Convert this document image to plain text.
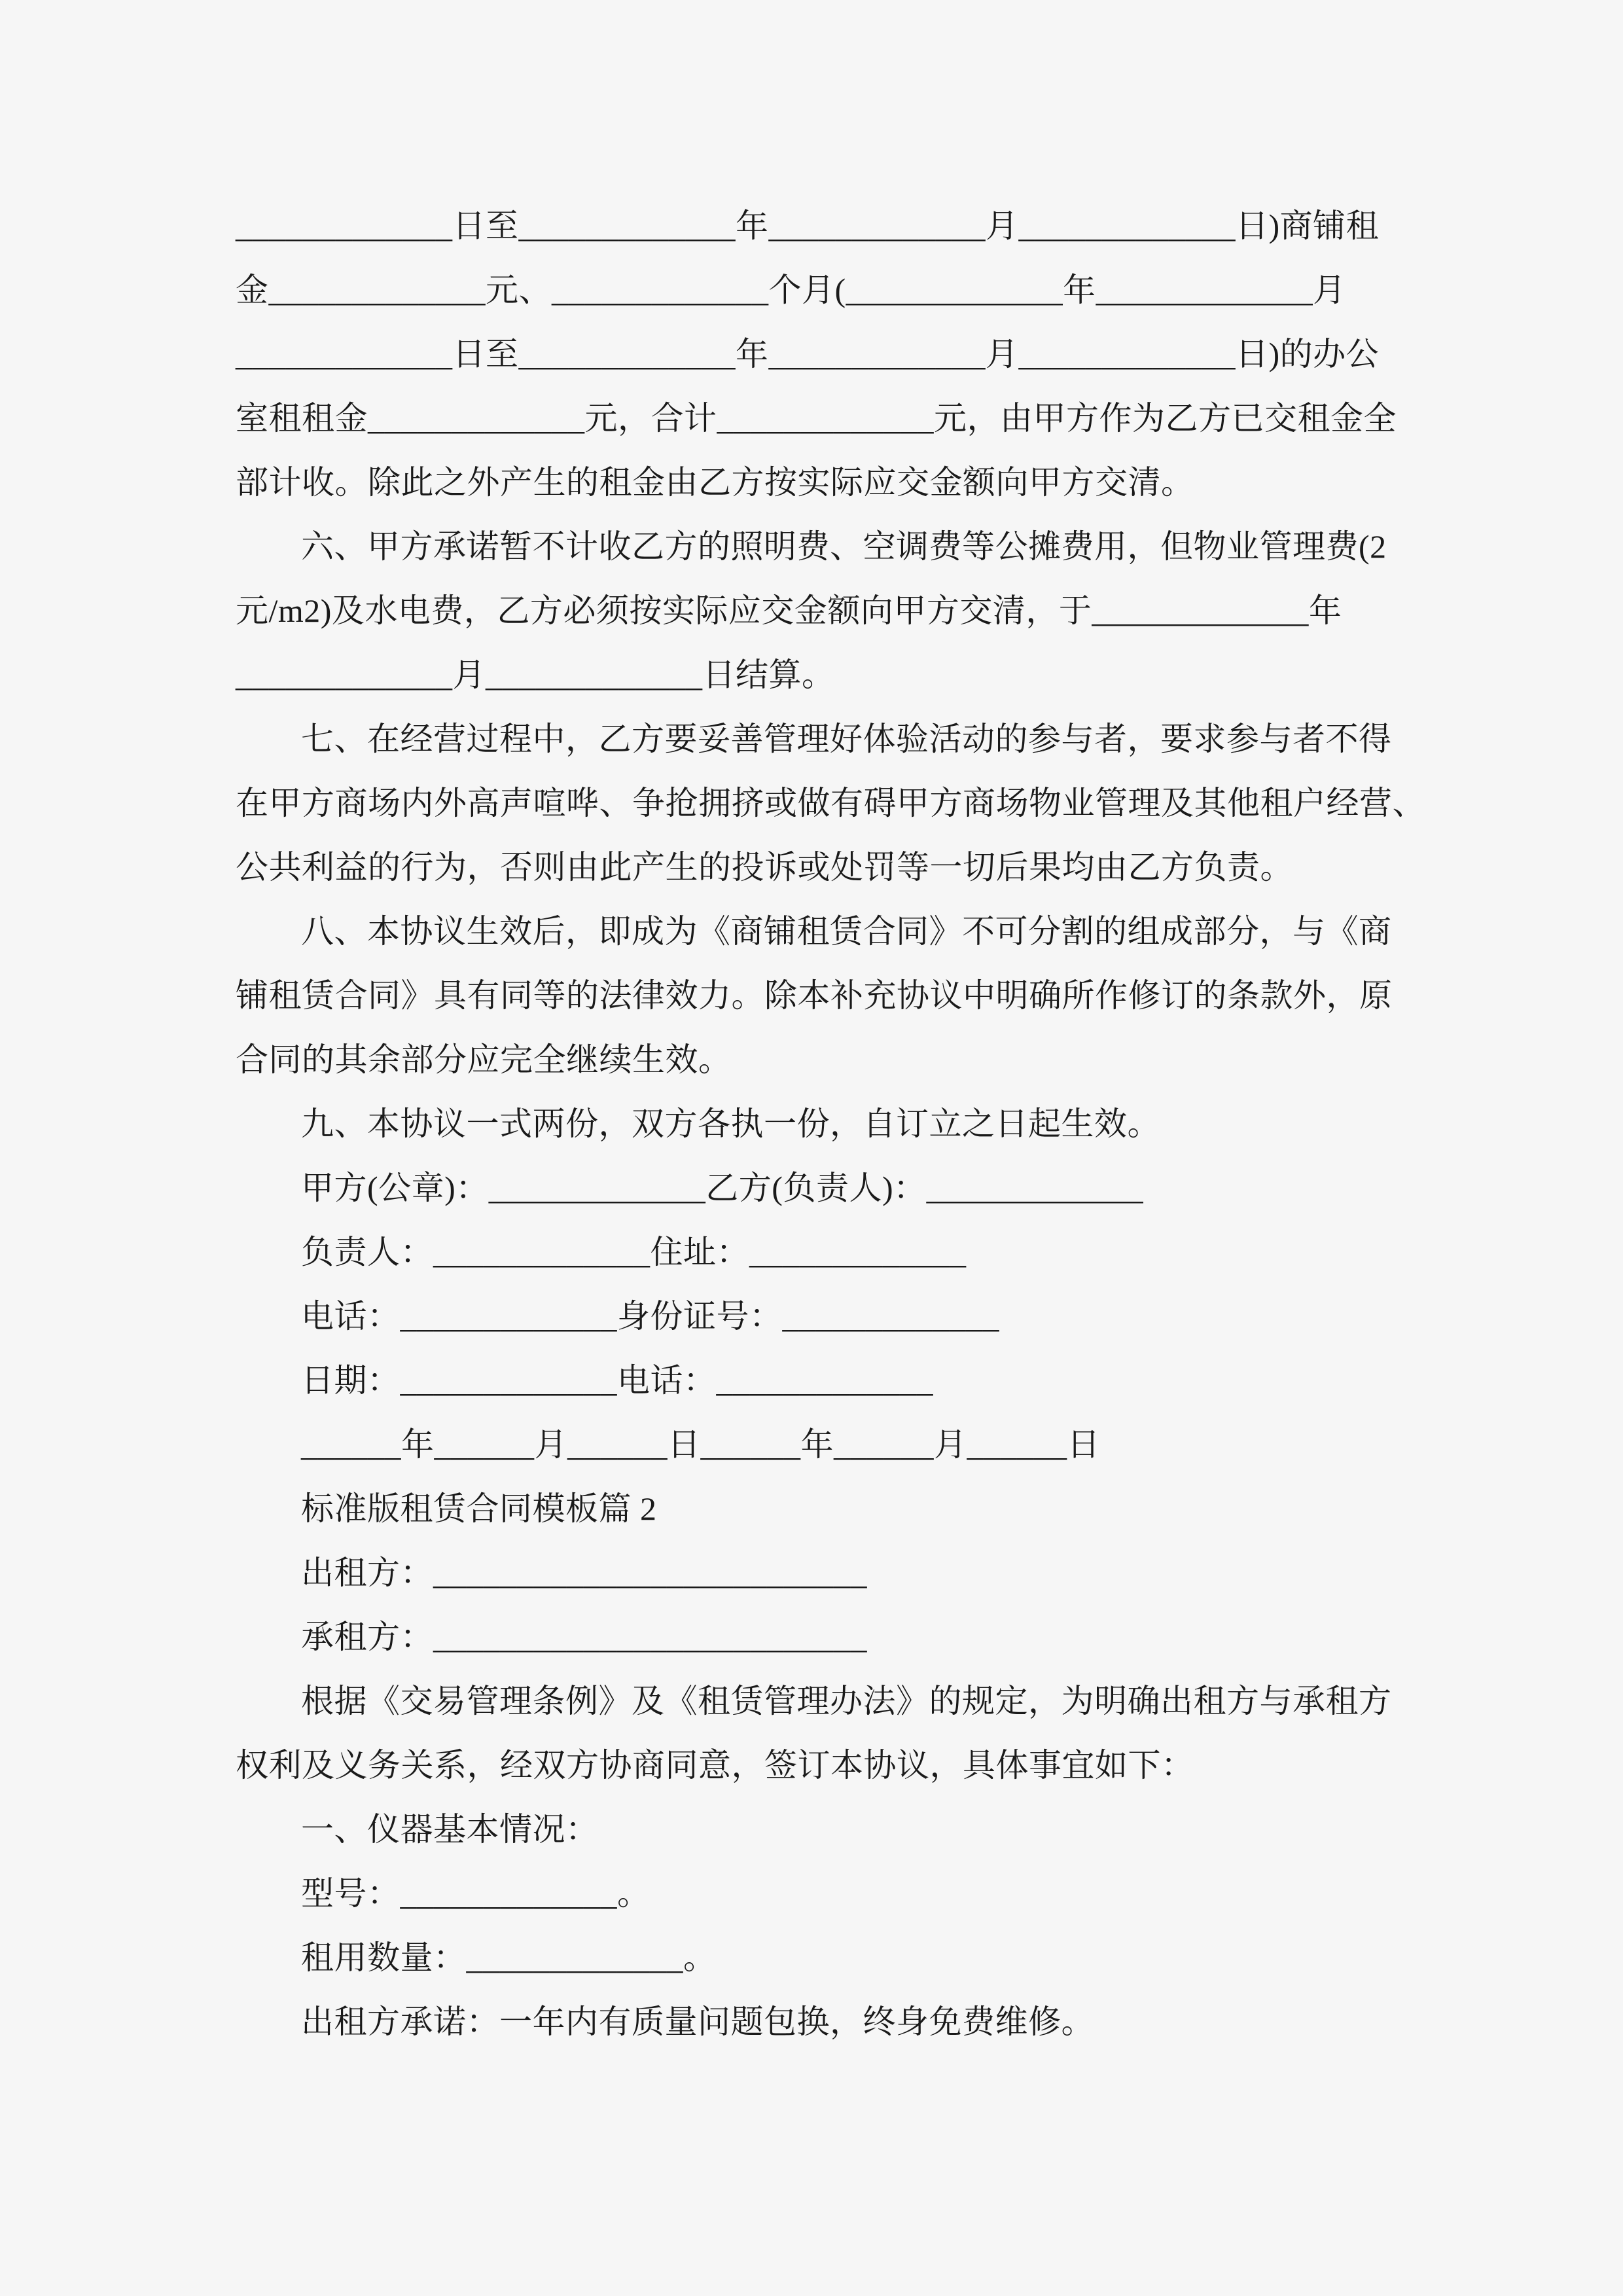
_____________日至_____________年_____________月_____________日)商铺租

金_____________元、_____________个月(_____________年_____________月

_____________日至_____________年_____________月_____________日)的办公

室租租金_____________元，合计_____________元，由甲方作为乙方已交租金全

部计收。除此之外产生的租金由乙方按实际应交金额向甲方交清。

六、甲方承诺暂不计收乙方的照明费、空调费等公摊费用，但物业管理费(2

元/m2)及水电费，乙方必须按实际应交金额向甲方交清，于_____________年

_____________月_____________日结算。

七、在经营过程中，乙方要妥善管理好体验活动的参与者，要求参与者不得

在甲方商场内外高声喧哗、争抢拥挤或做有碍甲方商场物业管理及其他租户经营、

公共利益的行为，否则由此产生的投诉或处罚等一切后果均由乙方负责。

八、本协议生效后，即成为《商铺租赁合同》不可分割的组成部分，与《商

铺租赁合同》具有同等的法律效力。除本补充协议中明确所作修订的条款外，原

合同的其余部分应完全继续生效。

九、本协议一式两份，双方各执一份，自订立之日起生效。

甲方(公章)：_____________乙方(负责人)：_____________

负责人：_____________住址：_____________

电话：_____________身份证号：_____________

日期：_____________电话：_____________

______年______月______日______年______月______日

标准版租赁合同模板篇 2

出租方：__________________________

承租方：__________________________

根据《交易管理条例》及《租赁管理办法》的规定，为明确出租方与承租方

权利及义务关系，经双方协商同意，签订本协议，具体事宜如下：

一、仪器基本情况：

型号：_____________。

租用数量：_____________。

出租方承诺：一年内有质量问题包换，终身免费维修。
